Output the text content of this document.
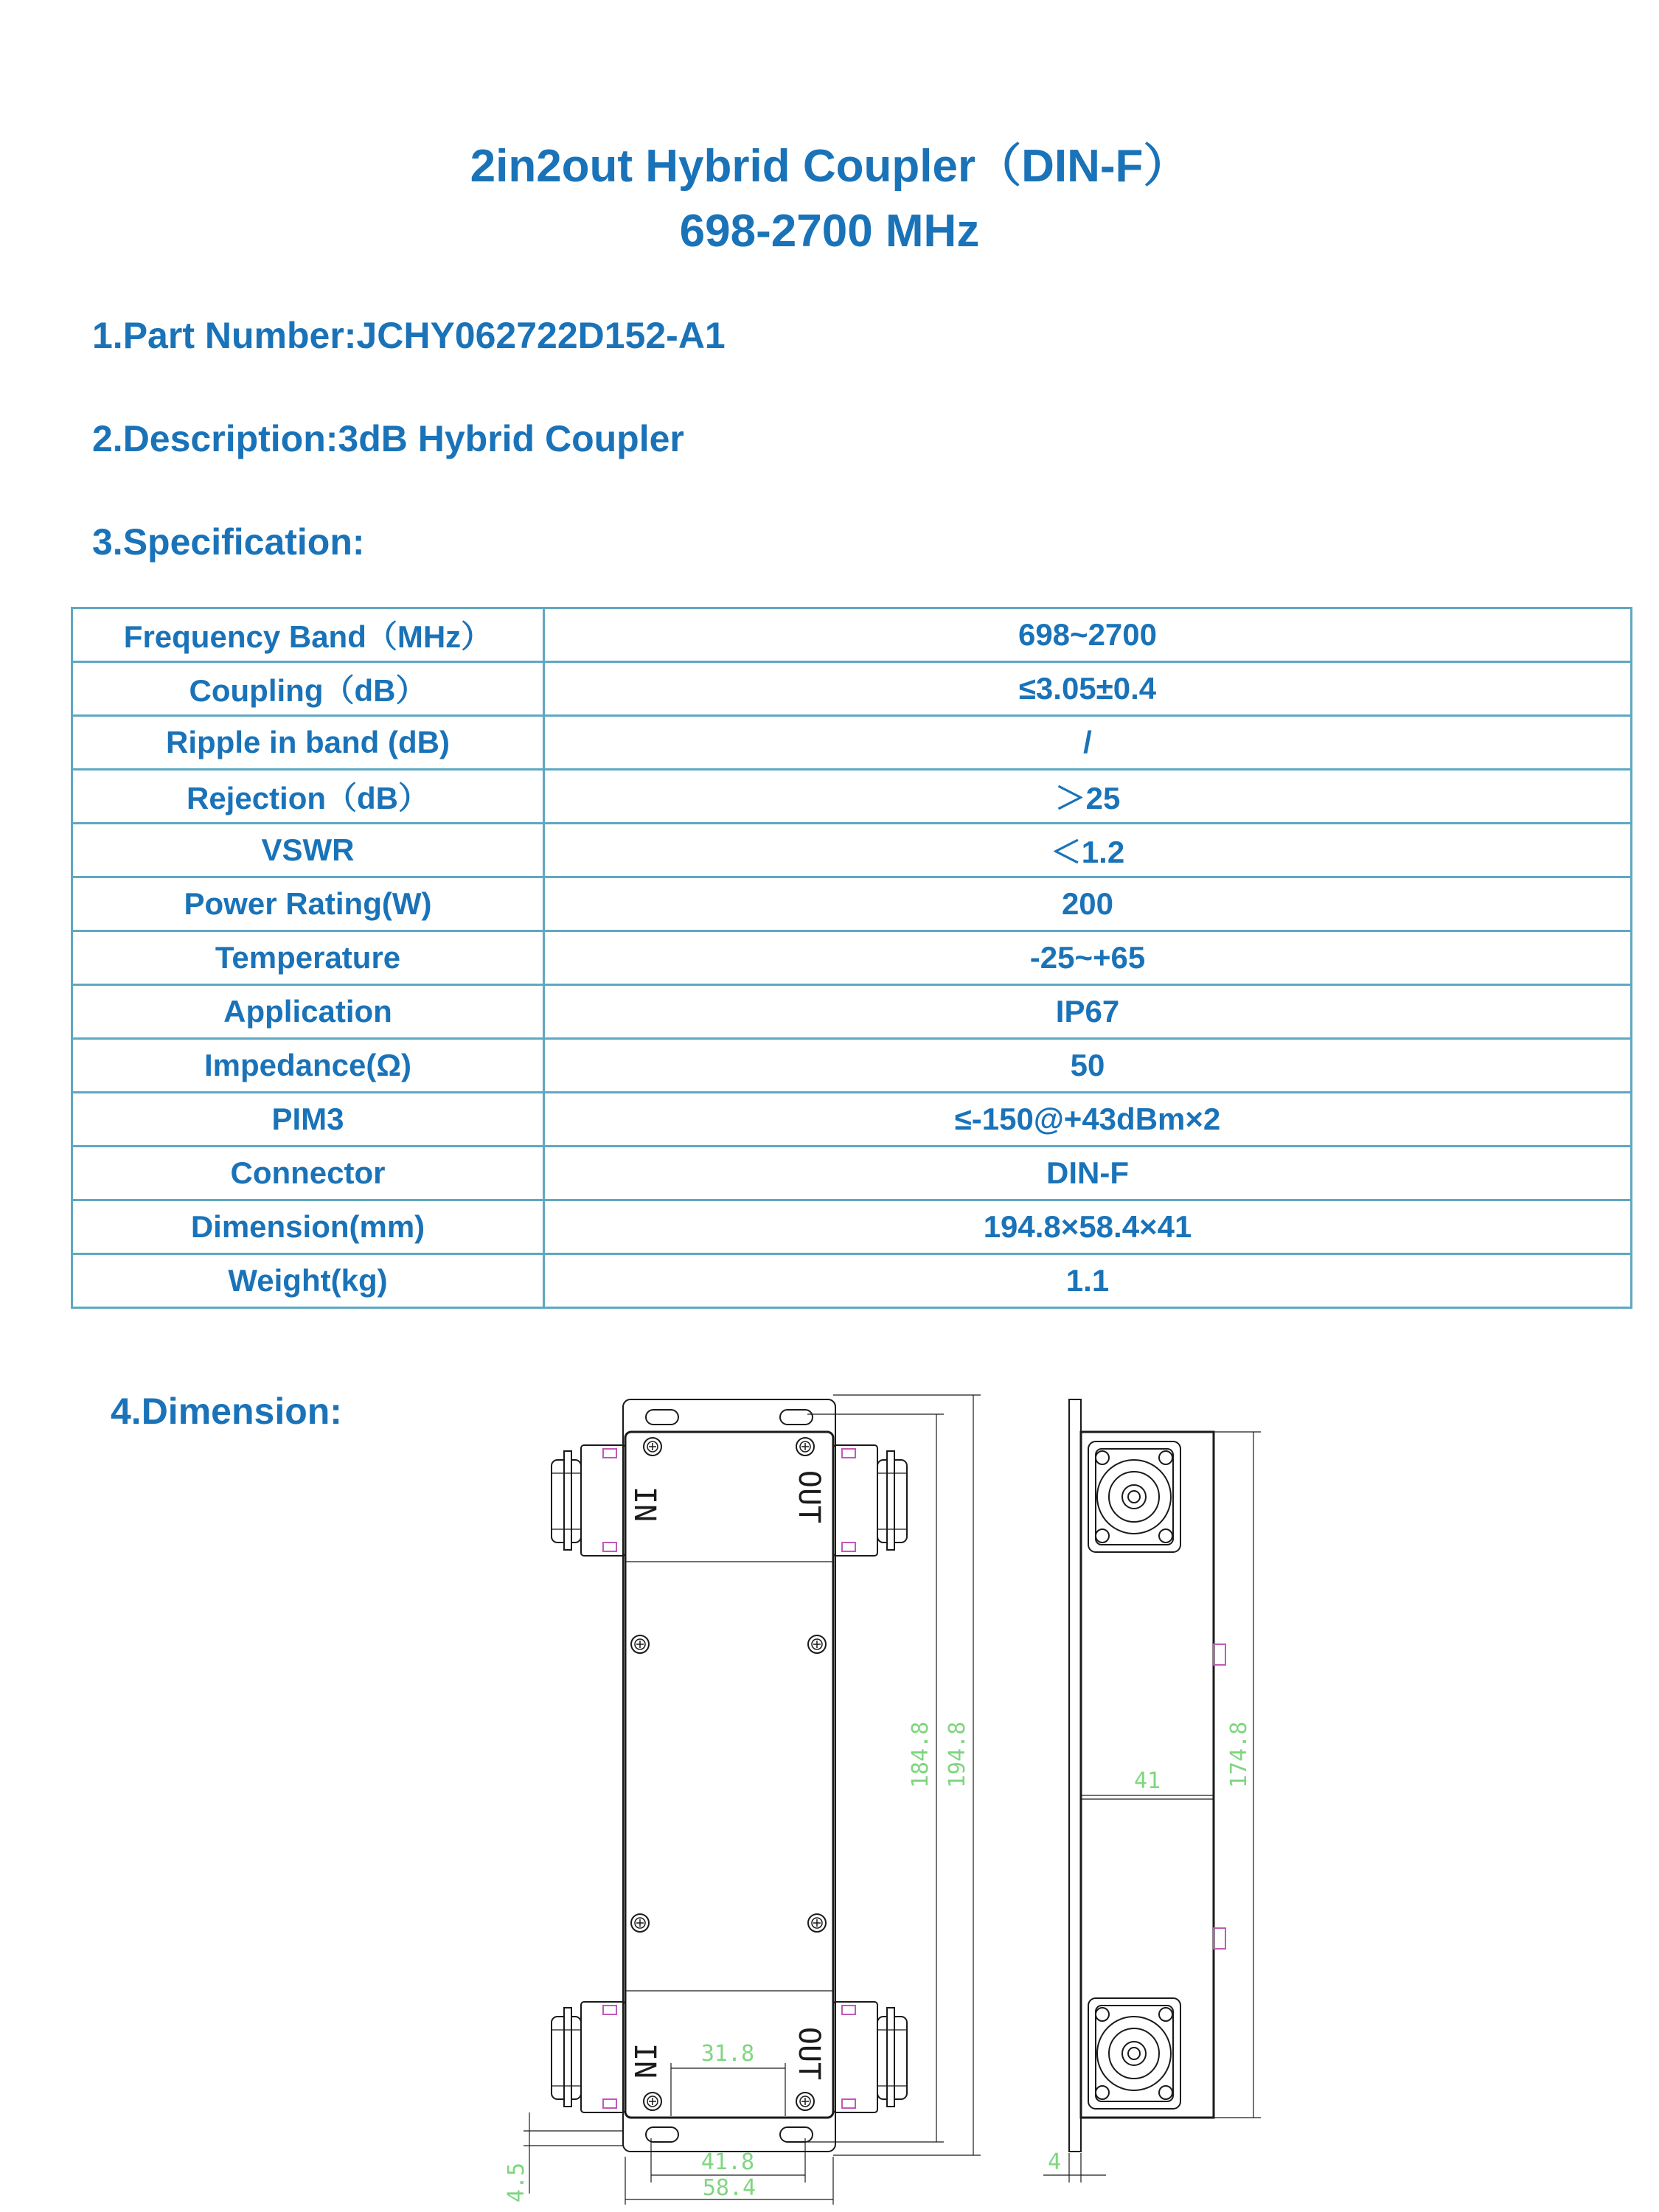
2in2out Hybrid Coupler（DIN-F）
698-2700 MHz
1.Part Number:JCHY062722D152-A1
2.Description:3dB Hybrid Coupler
3.Specification:
Frequency Band（MHz）	698~2700
Coupling（dB）	≤3.05±0.4
Ripple in band (dB)	/
Rejection（dB）	＞25
VSWR	＜1.2
Power Rating(W)	200
Temperature	-25~+65
Application	IP67
Impedance(Ω)	50
PIM3	≤-150@+43dBm×2
Connector	DIN-F
Dimension(mm)	194.8×58.4×41
Weight(kg)	1.1
4.Dimension:
IN	OUT
IN	OUT
184.8 194.8
31.8
41.8
58.4
4.5
174.8
41
4
